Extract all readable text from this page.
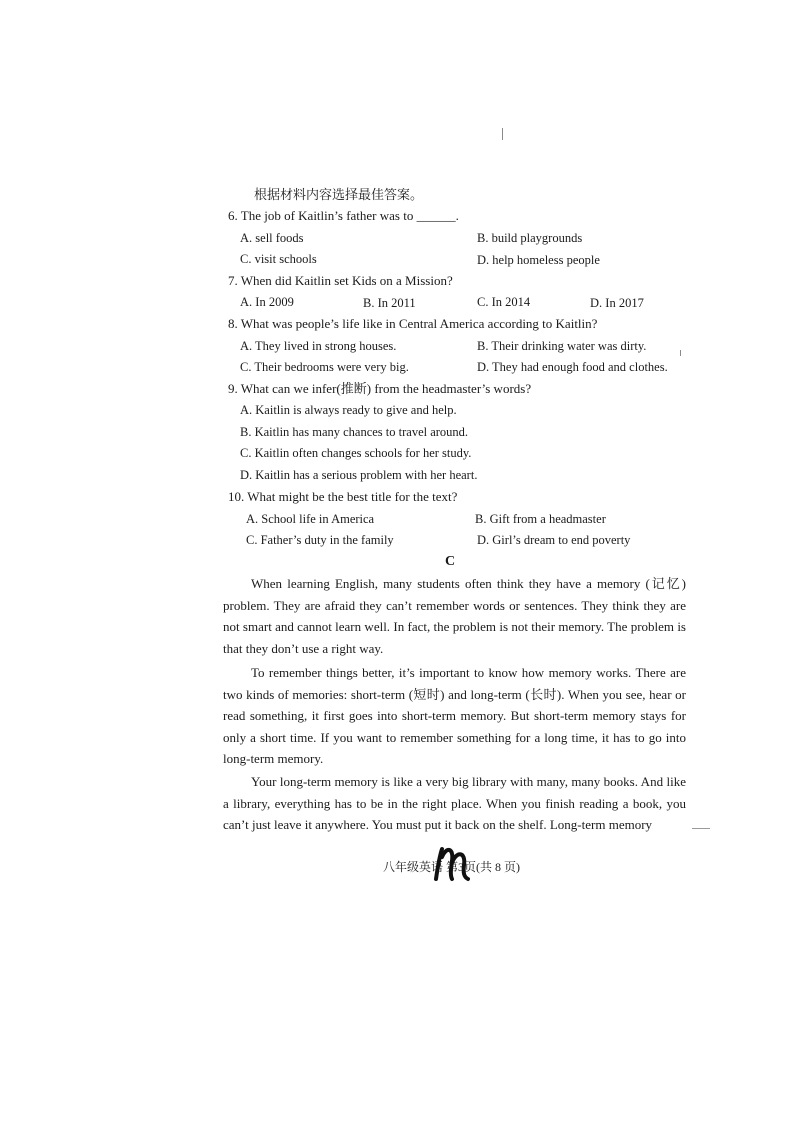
根据材料内容选择最佳答案。
6. The job of Kaitlin’s father was to ______.
A. sell foods	B. build playgrounds
C. visit schools	D. help homeless people
7. When did Kaitlin set Kids on a Mission?
A. In 2009	B. In 2011	C. In 2014	D. In 2017
8. What was people’s life like in Central America according to Kaitlin?
A. They lived in strong houses.	B. Their drinking water was dirty.
C. Their bedrooms were very big.	D. They had enough food and clothes.
9. What can we infer(推断) from the headmaster’s words?
A. Kaitlin is always ready to give and help.
B. Kaitlin has many chances to travel around.
C. Kaitlin often changes schools for her study.
D. Kaitlin has a serious problem with her heart.
10. What might be the best title for the text?
A. School life in America	B. Gift from a headmaster
C. Father’s duty in the family	D. Girl’s dream to end poverty
C

When learning English, many students often think they have a memory (记忆) problem. They are afraid they can’t remember words or sentences. They think they are not smart and cannot learn well. In fact, the problem is not their memory. The problem is that they don’t use a right way.

To remember things better, it’s important to know how memory works. There are two kinds of memories: short-term (短时) and long-term (长时). When you see, hear or read something, it first goes into short-term memory. But short-term memory stays for only a short time. If you want to remember something for a long time, it has to go into long-term memory.

Your long-term memory is like a very big library with many, many books. And like a library, everything has to be in the right place. When you finish reading a book, you can’t just leave it anywhere. You must put it back on the shelf. Long-term memory

八年级英语 第3页(共 8 页)
